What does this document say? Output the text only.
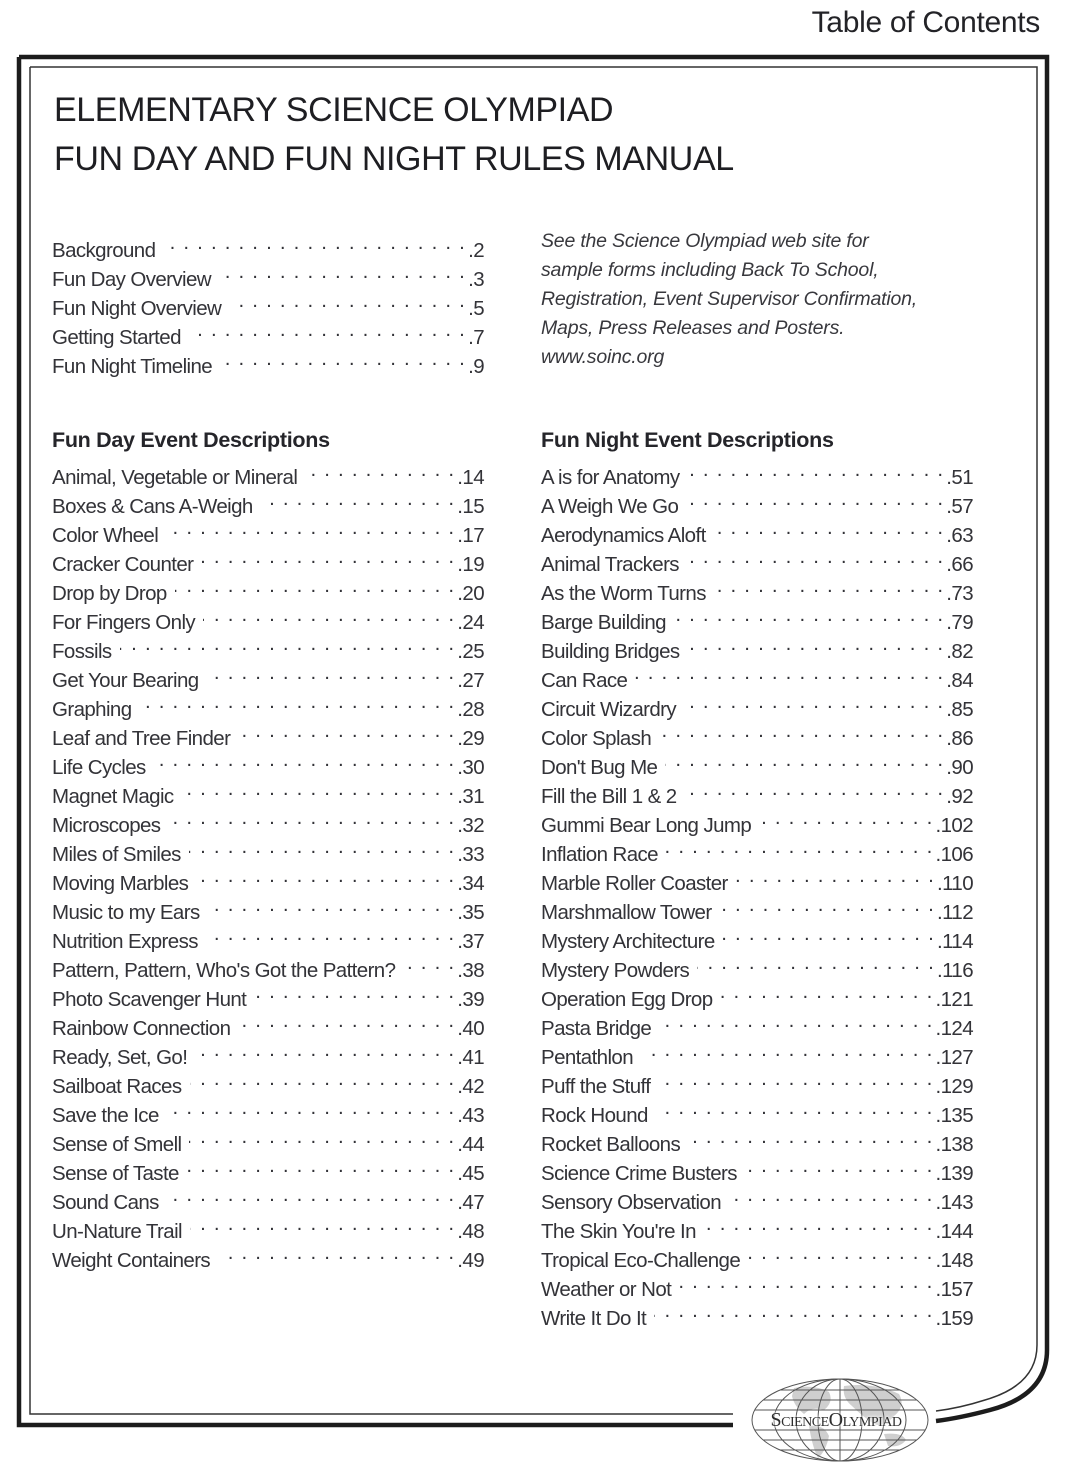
Table of Contents
ELEMENTARY SCIENCE OLYMPIAD
FUN DAY AND FUN NIGHT RULES MANUAL
Background . . .	. 2
Fun Day Overview . . .	. 3
Fun Night Overview . . .	. 5
Getting Started . . .	. 7
Fun Night Timeline . . .	. 9
See the Science Olympiad web site for
sample forms including Back To School,
Registration, Event Supervisor Confirmation,
Maps, Press Releases and Posters.
www.soinc.org
Fun Day Event Descriptions
Animal, Vegetable or Mineral . . .	. 14
Boxes & Cans A-Weigh . . .	. 15
Color Wheel . . .	. 17
Cracker Counter . . .	. 19
Drop by Drop . . .	. 20
For Fingers Only . . .	. 24
Fossils . . .	. 25
Get Your Bearing . . .	. 27
Graphing . . .	. 28
Leaf and Tree Finder . . .	. 29
Life Cycles . . .	. 30
Magnet Magic . . .	. 31
Microscopes . . .	. 32
Miles of Smiles . . .	. 33
Moving Marbles . . .	. 34
Music to my Ears . . .	. 35
Nutrition Express . . .	. 37
Pattern, Pattern, Who's Got the Pattern? . . .	. 38
Photo Scavenger Hunt . . .	. 39
Rainbow Connection . . .	. 40
Ready, Set, Go! . . .	. 41
Sailboat Races . . .	. 42
Save the Ice . . .	. 43
Sense of Smell . . .	. 44
Sense of Taste . . .	. 45
Sound Cans . . .	. 47
Un-Nature Trail . . .	. 48
Weight Containers . . .	. 49
Fun Night Event Descriptions
A is for Anatomy . . .	. 51
A Weigh We Go . . .	. 57
Aerodynamics Aloft . . .	. 63
Animal Trackers . . .	. 66
As the Worm Turns . . .	. 73
Barge Building . . .	. 79
Building Bridges . . .	. 82
Can Race . . .	. 84
Circuit Wizardry . . .	. 85
Color Splash . . .	. 86
Don't Bug Me . . .	. 90
Fill the Bill 1 & 2 . . .	. 92
Gummi Bear Long Jump . . .	. 102
Inflation Race . . .	. 106
Marble Roller Coaster . . .	. 110
Marshmallow Tower . . .	. 112
Mystery Architecture . . .	. 114
Mystery Powders . . .	. 116
Operation Egg Drop . . .	. 121
Pasta Bridge . . .	. 124
Pentathlon . . .	. 127
Puff the Stuff . . .	. 129
Rock Hound . . .	. 135
Rocket Balloons . . .	. 138
Science Crime Busters . . .	. 139
Sensory Observation . . .	. 143
The Skin You're In . . .	. 144
Tropical Eco-Challenge . . .	. 148
Weather or Not . . .	. 157
Write It Do It . . .	. 159
ScienceOlympiad
